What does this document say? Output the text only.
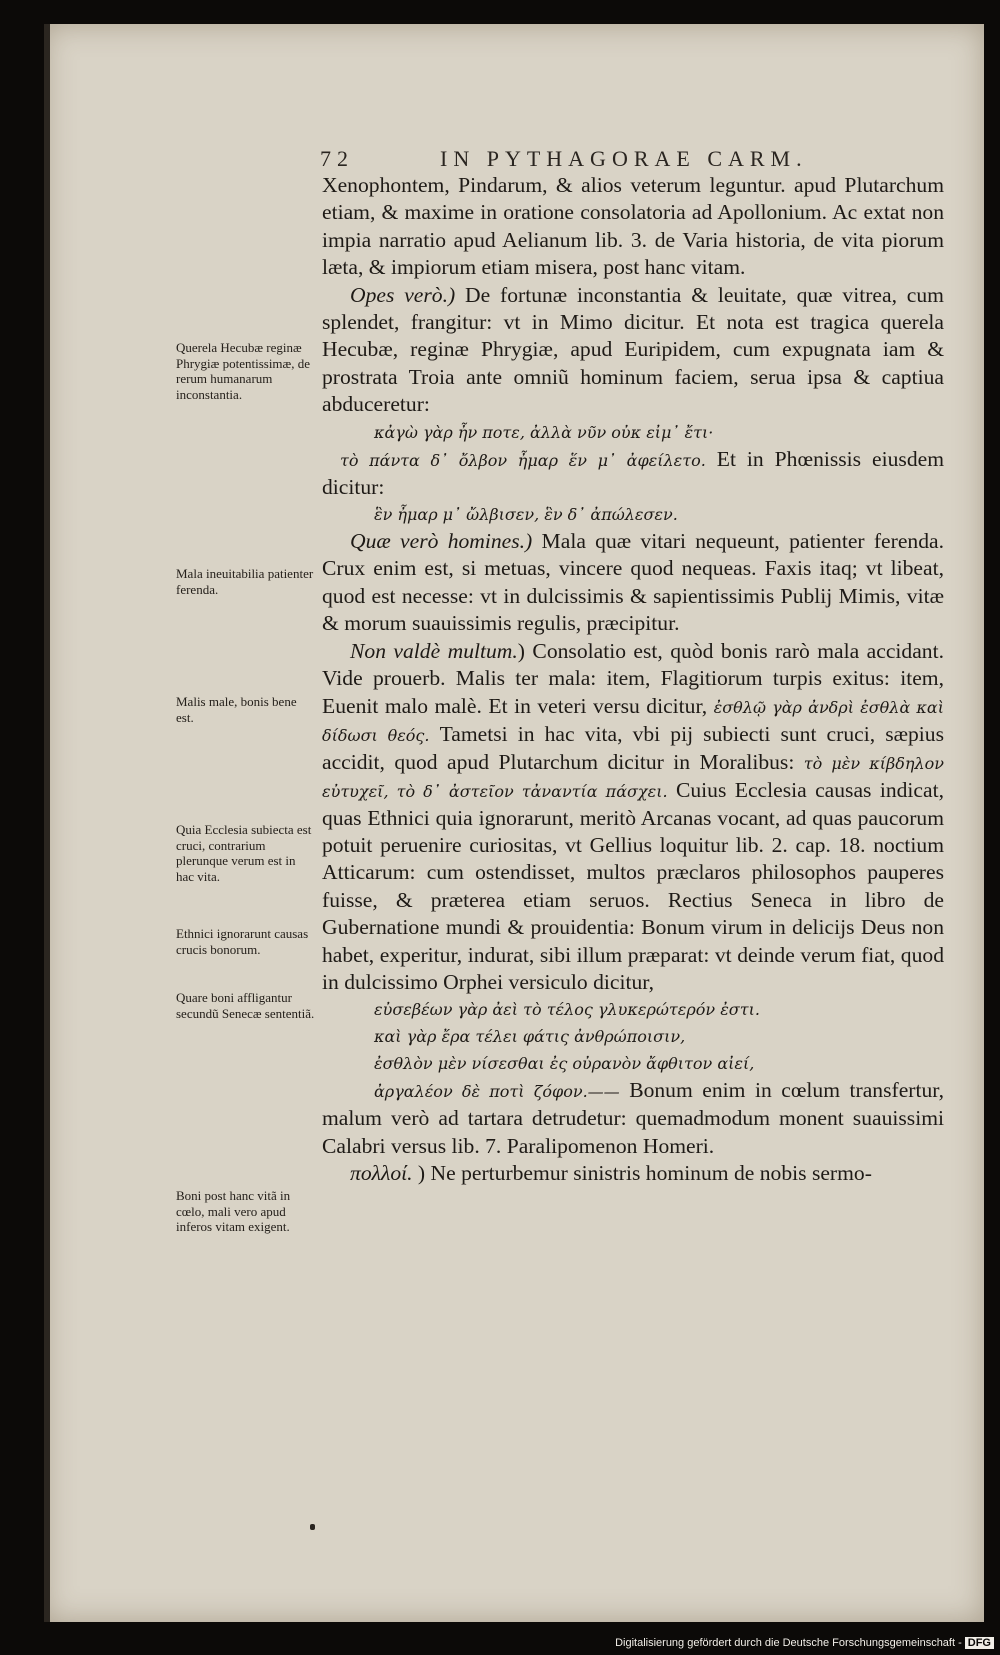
72	IN PYTHAGORAE CARM.

Xenophontem, Pindarum, & alios veterum leguntur. apud Plutarchum etiam, & maxime in oratione consolatoria ad Apollonium. Ac extat non impia narratio apud Aelianum lib. 3. de Varia historia, de vita piorum læta, & impiorum etiam misera, post hanc vitam.

Opes verò.) De fortunæ inconstantia & leuitate, quæ vitrea, cum splendet, frangitur: vt in Mimo dicitur. Et nota est tragica querela Hecubæ, reginæ Phrygiæ, apud Euripidem, cum expugnata iam & prostrata Troia ante omniũ hominum faciem, serua ipsa & captiua abduceretur:

κἀγὼ γὰρ ἦν ποτε, ἀλλὰ νῦν οὐκ εἰμ᾽ ἔτι·

τὸ πάντα δ᾽ ὄλβον ἦμαρ ἕν μ᾽ ἀφείλετο. Et in Phœnissis eiusdem dicitur:

ἓν ἦμαρ μ᾽ ὤλβισεν, ἓν δ᾽ ἀπώλεσεν.

Quæ verò homines.) Mala quæ vitari nequeunt, patienter ferenda. Crux enim est, si metuas, vincere quod nequeas. Faxis itaq; vt libeat, quod est necesse: vt in dulcissimis & sapientissimis Publij Mimis, vitæ & morum suauissimis regulis, præcipitur.

Non valdè multum.) Consolatio est, quòd bonis rarò mala accidant. Vide prouerb. Malis ter mala: item, Flagitiorum turpis exitus: item, Euenit malo malè. Et in veteri versu dicitur, ἐσθλῷ γὰρ ἀνδρὶ ἐσθλὰ καὶ δίδωσι θεός. Tametsi in hac vita, vbi pij subiecti sunt cruci, sæpius accidit, quod apud Plutarchum dicitur in Moralibus: τὸ μὲν κίβδηλον εὐτυχεῖ, τὸ δ᾽ ἀστεῖον τἀναντία πάσχει. Cuius Ecclesia causas indicat, quas Ethnici quia ignorarunt, meritò Arcanas vocant, ad quas paucorum potuit peruenire curiositas, vt Gellius loquitur lib. 2. cap. 18. noctium Atticarum: cum ostendisset, multos præclaros philosophos pauperes fuisse, & præterea etiam seruos. Rectius Seneca in libro de Gubernatione mundi & prouidentia: Bonum virum in delicijs Deus non habet, experitur, indurat, sibi illum præparat: vt deinde verum fiat, quod in dulcissimo Orphei versiculo dicitur,

εὐσεβέων γὰρ ἀεὶ τὸ τέλος γλυκερώτερόν ἐστι.
καὶ γὰρ ἔρα τέλει φάτις ἀνθρώποισιν,
ἐσθλὸν μὲν νίσεσθαι ἐς οὐρανὸν ἄφθιτον αἰεί,

ἀργαλέον δὲ ποτὶ ζόφον.—— Bonum enim in cœlum transfertur, malum verò ad tartara detrudetur: quemadmodum monent suauissimi Calabri versus lib. 7. Paralipomenon Homeri.

πολλοί. ) Ne perturbemur sinistris hominum de nobis sermo-

Querela Hecubæ reginæ Phrygiæ potentissimæ, de rerum humanarum inconstantia.
Mala ineuitabilia patienter ferenda.
Malis male, bonis bene est.
Quia Ecclesia subiecta est cruci, contrarium plerunque verum est in hac vita.
Ethnici ignorarunt causas crucis bonorum.
Quare boni affligantur secundũ Senecæ sententiã.
Boni post hanc vitã in cœlo, mali vero apud inferos vitam exigent.
Digitalisierung gefördert durch die Deutsche Forschungsgemeinschaft - DFG
